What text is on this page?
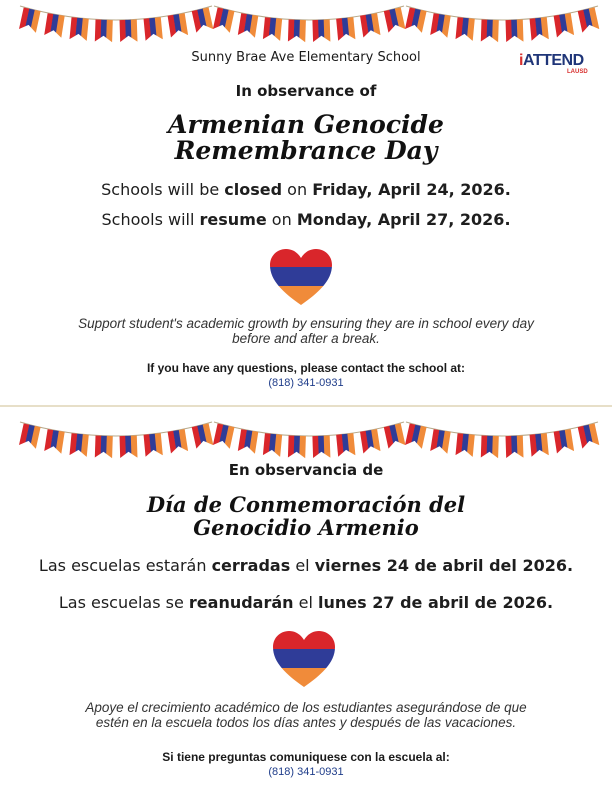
iATTEND
LAUSD
Sunny Brae Ave Elementary School
In observance of
Armenian Genocide
Remembrance Day
Schools will be closed on Friday, April 24, 2026.
Schools will resume on Monday, April 27, 2026.
Support student's academic growth by ensuring they are in school every day
before and after a break.
If you have any questions, please contact the school at:
(818) 341-0931
En observancia de
Día de Conmemoración del
Genocidio Armenio
Las escuelas estarán cerradas el viernes 24 de abril del 2026.
Las escuelas se reanudarán el lunes 27 de abril de 2026.
Apoye el crecimiento académico de los estudiantes asegurándose de que
estén en la escuela todos los días antes y después de las vacaciones.
Si tiene preguntas comuniquese con la escuela al:
(818) 341-0931
